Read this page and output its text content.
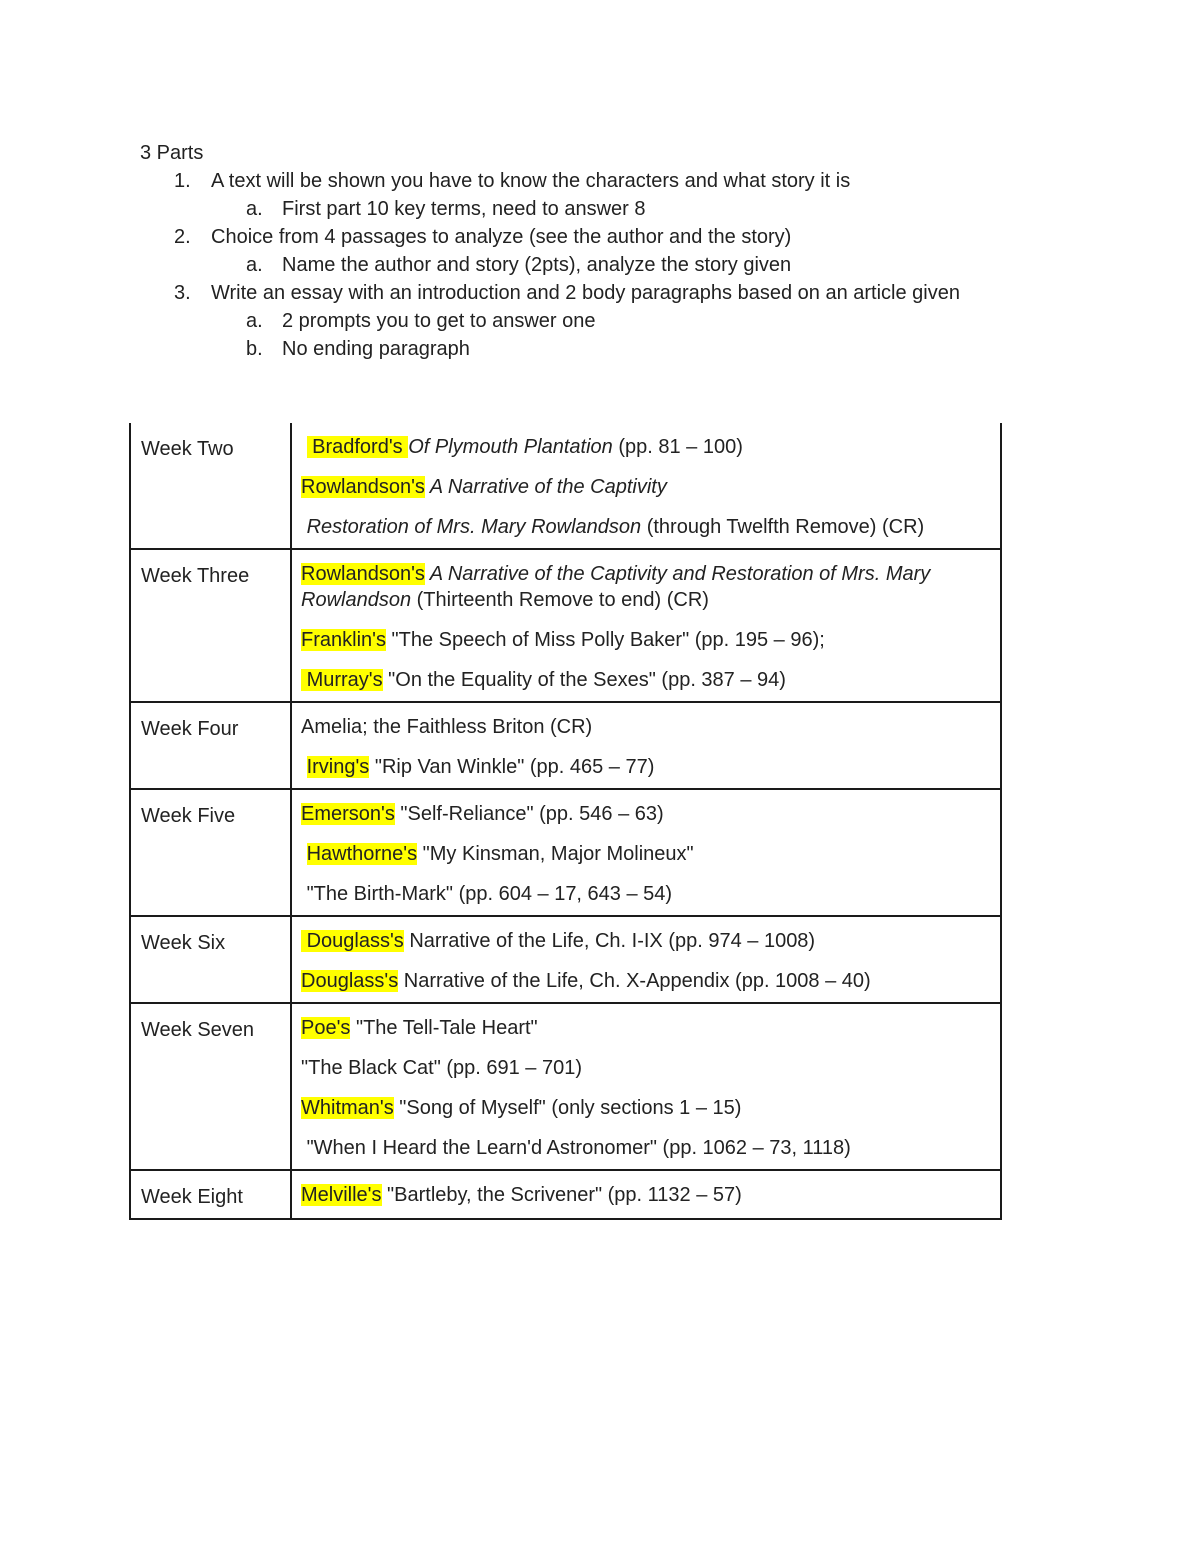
3 Parts
1. A text will be shown you have to know the characters and what story it is
a. First part 10 key terms, need to answer 8
2. Choice from 4 passages to analyze (see the author and the story)
a. Name the author and story (2pts), analyze the story given
3. Write an essay with an introduction and 2 body paragraphs based on an article given
a. 2 prompts you to get to answer one
b. No ending paragraph
Week Two	Bradford's Of Plymouth Plantation (pp. 81 – 100)
Rowlandson's A Narrative of the Captivity
Restoration of Mrs. Mary Rowlandson (through Twelfth Remove) (CR)

Week Three	Rowlandson's A Narrative of the Captivity and Restoration of Mrs. Mary Rowlandson (Thirteenth Remove to end) (CR)
Franklin's "The Speech of Miss Polly Baker" (pp. 195 – 96);
Murray's "On the Equality of the Sexes" (pp. 387 – 94)

Week Four	Amelia; the Faithless Briton (CR)
Irving's "Rip Van Winkle" (pp. 465 – 77)

Week Five	Emerson's "Self-Reliance" (pp. 546 – 63)
Hawthorne's "My Kinsman, Major Molineux"
"The Birth-Mark" (pp. 604 – 17, 643 – 54)

Week Six	Douglass's Narrative of the Life, Ch. I-IX (pp. 974 – 1008)
Douglass's Narrative of the Life, Ch. X-Appendix (pp. 1008 – 40)

Week Seven	Poe's "The Tell-Tale Heart"
"The Black Cat" (pp. 691 – 701)
Whitman's "Song of Myself" (only sections 1 – 15)
"When I Heard the Learn'd Astronomer" (pp. 1062 – 73, 1118)

Week Eight	Melville's "Bartleby, the Scrivener" (pp. 1132 – 57)
